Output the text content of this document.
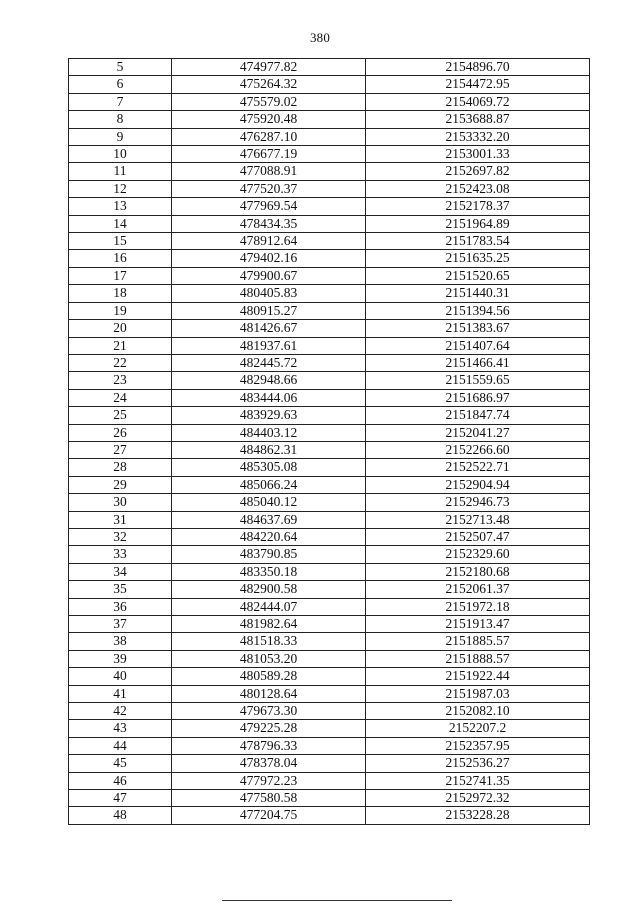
380
5	474977.82	2154896.70
6	475264.32	2154472.95
7	475579.02	2154069.72
8	475920.48	2153688.87
9	476287.10	2153332.20
10	476677.19	2153001.33
11	477088.91	2152697.82
12	477520.37	2152423.08
13	477969.54	2152178.37
14	478434.35	2151964.89
15	478912.64	2151783.54
16	479402.16	2151635.25
17	479900.67	2151520.65
18	480405.83	2151440.31
19	480915.27	2151394.56
20	481426.67	2151383.67
21	481937.61	2151407.64
22	482445.72	2151466.41
23	482948.66	2151559.65
24	483444.06	2151686.97
25	483929.63	2151847.74
26	484403.12	2152041.27
27	484862.31	2152266.60
28	485305.08	2152522.71
29	485066.24	2152904.94
30	485040.12	2152946.73
31	484637.69	2152713.48
32	484220.64	2152507.47
33	483790.85	2152329.60
34	483350.18	2152180.68
35	482900.58	2152061.37
36	482444.07	2151972.18
37	481982.64	2151913.47
38	481518.33	2151885.57
39	481053.20	2151888.57
40	480589.28	2151922.44
41	480128.64	2151987.03
42	479673.30	2152082.10
43	479225.28	2152207.2
44	478796.33	2152357.95
45	478378.04	2152536.27
46	477972.23	2152741.35
47	477580.58	2152972.32
48	477204.75	2153228.28
